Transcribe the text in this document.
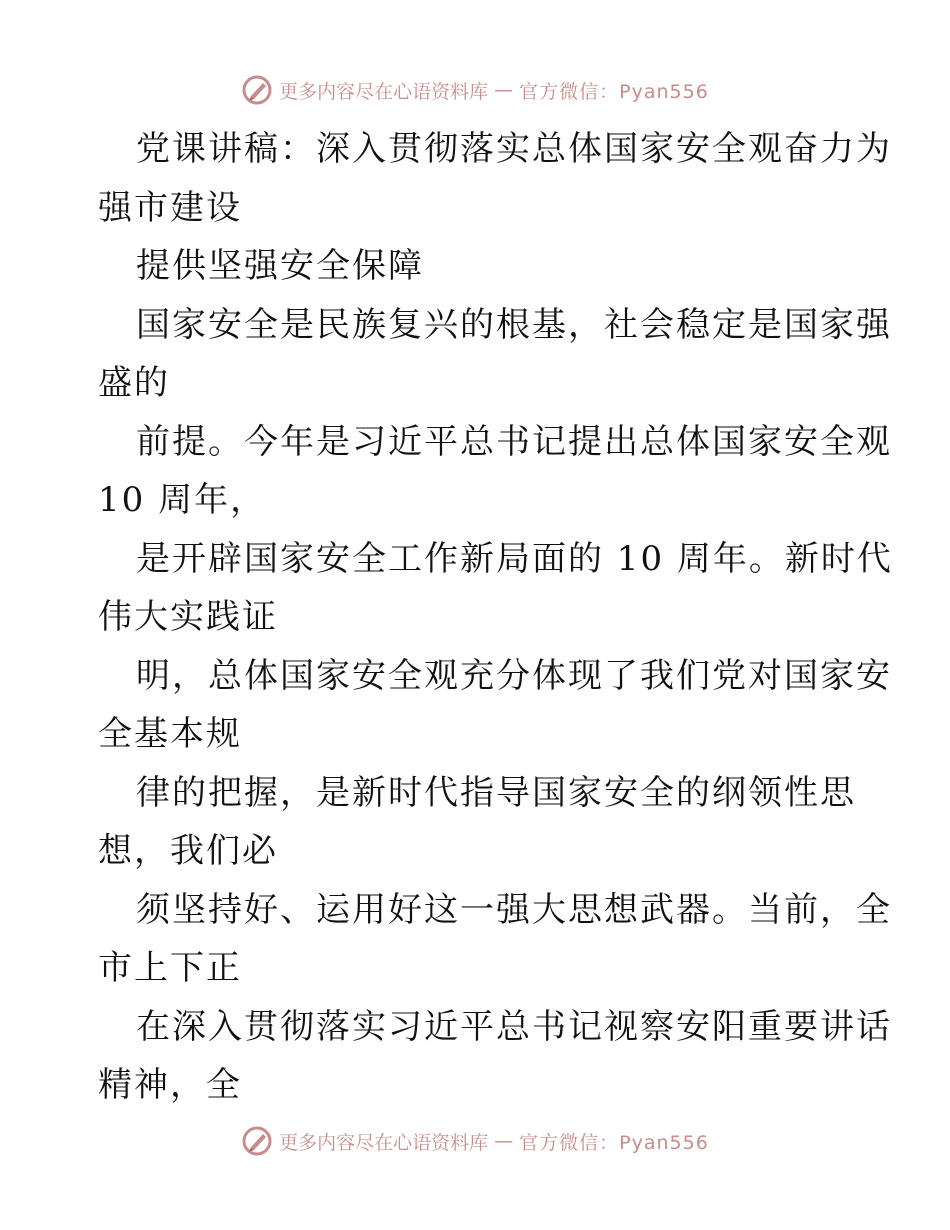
更多内容尽在心语资料库 — 官方微信：Pyan556
党课讲稿：深入贯彻落实总体国家安全观奋力为
强市建设
提供坚强安全保障
国家安全是民族复兴的根基，社会稳定是国家强
盛的
前提。今年是习近平总书记提出总体国家安全观
10 周年，
是开辟国家安全工作新局面的 10 周年。新时代
伟大实践证
明，总体国家安全观充分体现了我们党对国家安
全基本规
律的把握，是新时代指导国家安全的纲领性思
想，我们必
须坚持好、运用好这一强大思想武器。当前，全
市上下正
在深入贯彻落实习近平总书记视察安阳重要讲话
精神，全
更多内容尽在心语资料库 — 官方微信：Pyan556
